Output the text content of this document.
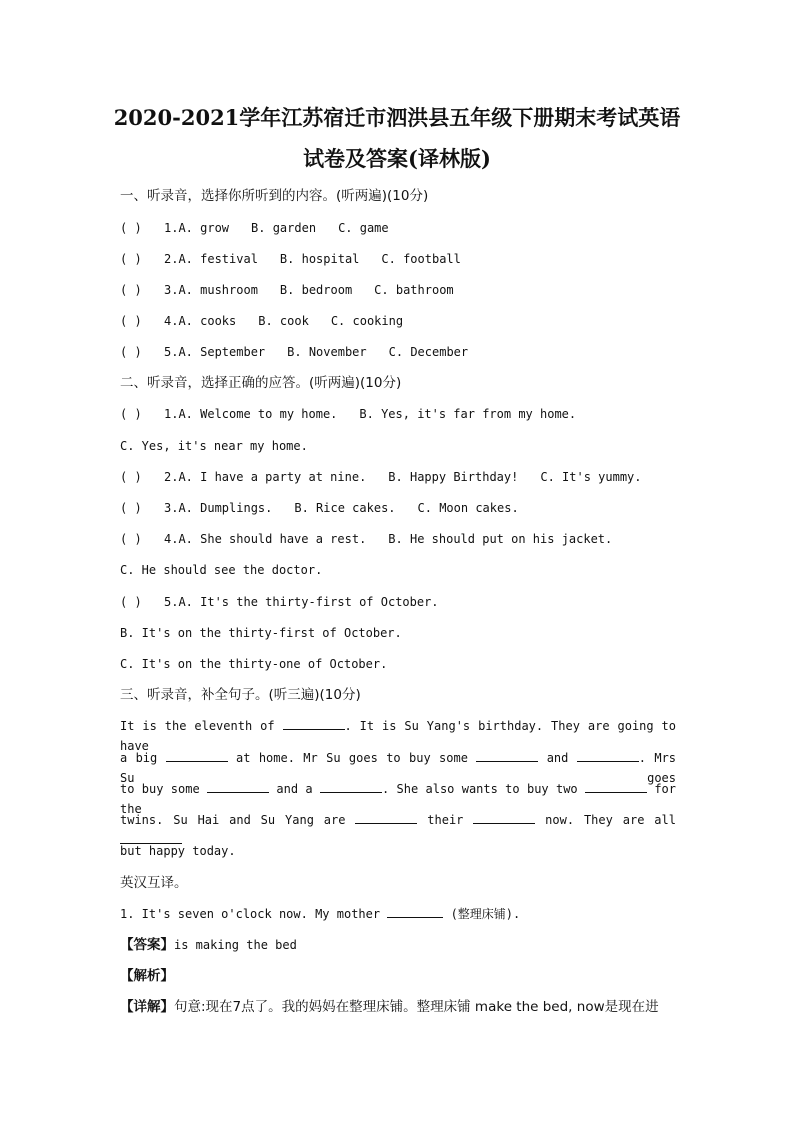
2020-2021学年江苏宿迁市泗洪县五年级下册期末考试英语
试卷及答案(译林版)
一、听录音，选择你所听到的内容。(听两遍)(10分)
( ) 1.A. grow B. garden C. game
( ) 2.A. festival B. hospital C. football
( ) 3.A. mushroom B. bedroom C. bathroom
( ) 4.A. cooks B. cook C. cooking
( ) 5.A. September B. November C. December
二、听录音，选择正确的应答。(听两遍)(10分)
( ) 1.A. Welcome to my home. B. Yes, it's far from my home.
C. Yes, it's near my home.
( ) 2.A. I have a party at nine. B. Happy Birthday! C. It's yummy.
( ) 3.A. Dumplings. B. Rice cakes. C. Moon cakes.
( ) 4.A. She should have a rest. B. He should put on his jacket.
C. He should see the doctor.
( ) 5.A. It's the thirty-first of October.
B. It's on the thirty-first of October.
C. It's on the thirty-one of October.
三、听录音，补全句子。(听三遍)(10分)
It is the eleventh of	. It is Su Yang's birthday. They are going to have
a big	at home. Mr Su goes to buy some	and	. Mrs Su goes
to buy some	and a	. She also wants to buy two	for the
twins. Su Hai and Su Yang are	their	now. They are all
but happy today.
英汉互译。
1. It's seven o'clock now. My mother	(整理床铺).
【答案】is making the bed
【解析】
【详解】句意:现在7点了。我的妈妈在整理床铺。整理床铺 make the bed, now是现在进
